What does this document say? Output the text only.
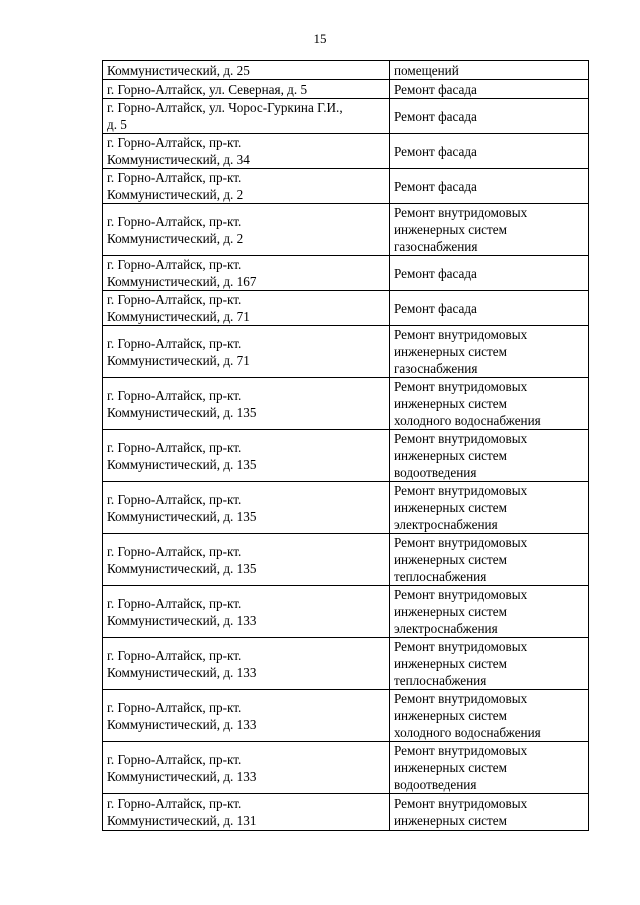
15
Коммунистический, д. 25	помещений
г. Горно-Алтайск, ул. Северная, д. 5	Ремонт фасада
г. Горно-Алтайск, ул. Чорос-Гуркина Г.И.,
д. 5	Ремонт фасада
г. Горно-Алтайск, пр-кт.
Коммунистический, д. 34	Ремонт фасада
г. Горно-Алтайск, пр-кт.
Коммунистический, д. 2	Ремонт фасада
г. Горно-Алтайск, пр-кт.
Коммунистический, д. 2	Ремонт внутридомовых
инженерных систем
газоснабжения
г. Горно-Алтайск, пр-кт.
Коммунистический, д. 167	Ремонт фасада
г. Горно-Алтайск, пр-кт.
Коммунистический, д. 71	Ремонт фасада
г. Горно-Алтайск, пр-кт.
Коммунистический, д. 71	Ремонт внутридомовых
инженерных систем
газоснабжения
г. Горно-Алтайск, пр-кт.
Коммунистический, д. 135	Ремонт внутридомовых
инженерных систем
холодного водоснабжения
г. Горно-Алтайск, пр-кт.
Коммунистический, д. 135	Ремонт внутридомовых
инженерных систем
водоотведения
г. Горно-Алтайск, пр-кт.
Коммунистический, д. 135	Ремонт внутридомовых
инженерных систем
электроснабжения
г. Горно-Алтайск, пр-кт.
Коммунистический, д. 135	Ремонт внутридомовых
инженерных систем
теплоснабжения
г. Горно-Алтайск, пр-кт.
Коммунистический, д. 133	Ремонт внутридомовых
инженерных систем
электроснабжения
г. Горно-Алтайск, пр-кт.
Коммунистический, д. 133	Ремонт внутридомовых
инженерных систем
теплоснабжения
г. Горно-Алтайск, пр-кт.
Коммунистический, д. 133	Ремонт внутридомовых
инженерных систем
холодного водоснабжения
г. Горно-Алтайск, пр-кт.
Коммунистический, д. 133	Ремонт внутридомовых
инженерных систем
водоотведения
г. Горно-Алтайск, пр-кт.
Коммунистический, д. 131	Ремонт внутридомовых
инженерных систем
